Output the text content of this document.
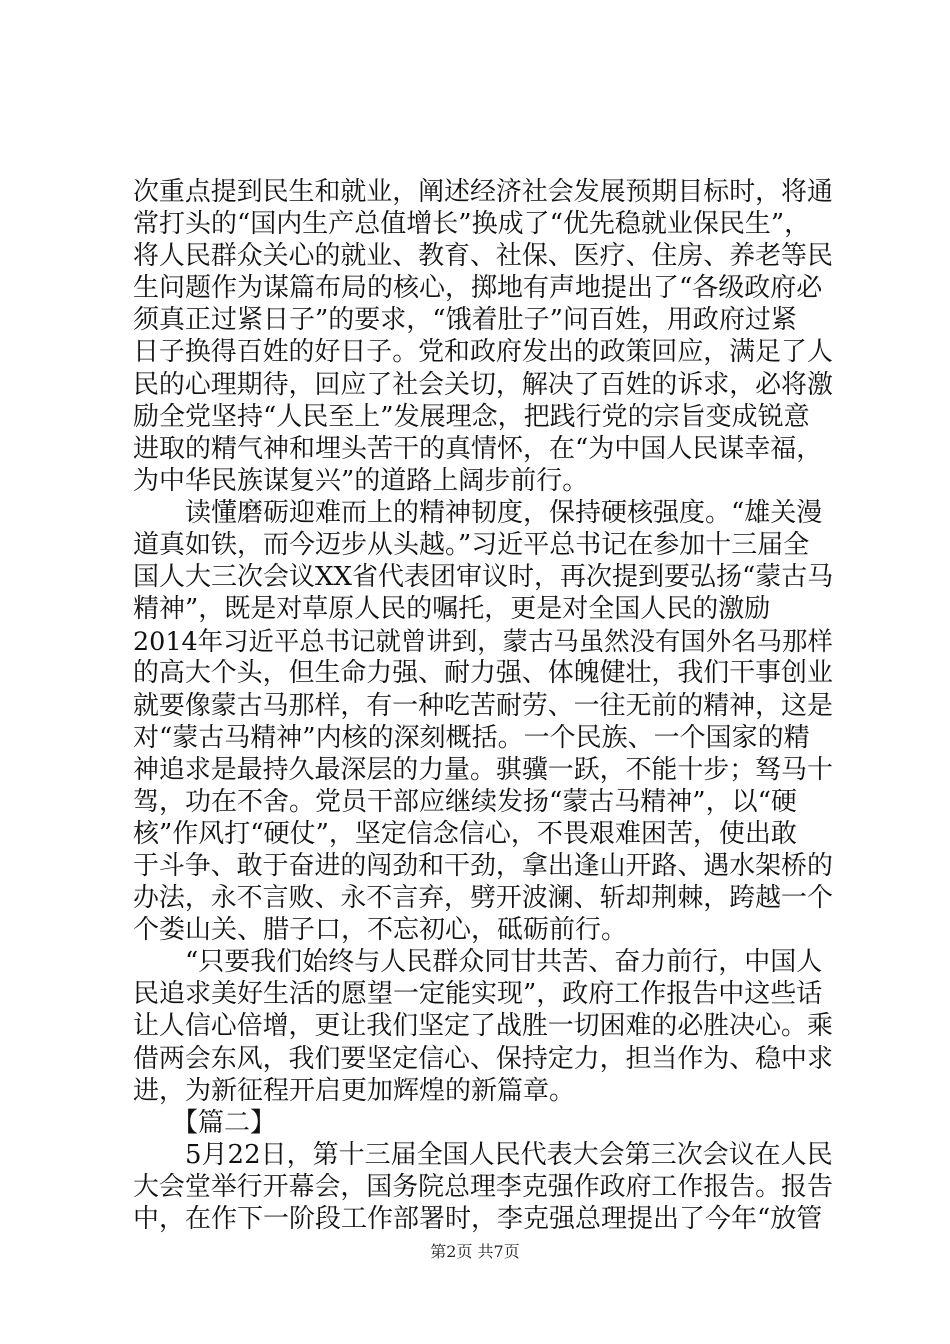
次重点提到民生和就业，阐述经济社会发展预期目标时，将通
常打头的“国内生产总值增长”换成了“优先稳就业保民生”，
将人民群众关心的就业、教育、社保、医疗、住房、养老等民
生问题作为谋篇布局的核心，掷地有声地提出了“各级政府必
须真正过紧日子”的要求，“饿着肚子”问百姓，用政府过紧
日子换得百姓的好日子。党和政府发出的政策回应，满足了人
民的心理期待，回应了社会关切，解决了百姓的诉求，必将激
励全党坚持“人民至上”发展理念，把践行党的宗旨变成锐意
进取的精气神和埋头苦干的真情怀，在“为中国人民谋幸福，
为中华民族谋复兴”的道路上阔步前行。
　　读懂磨砺迎难而上的精神韧度，保持硬核强度。“雄关漫
道真如铁，而今迈步从头越。”习近平总书记在参加十三届全
国人大三次会议XX省代表团审议时，再次提到要弘扬“蒙古马
精神”，既是对草原人民的嘱托，更是对全国人民的激励
2014年习近平总书记就曾讲到，蒙古马虽然没有国外名马那样
的高大个头，但生命力强、耐力强、体魄健壮，我们干事创业
就要像蒙古马那样，有一种吃苦耐劳、一往无前的精神，这是
对“蒙古马精神”内核的深刻概括。一个民族、一个国家的精
神追求是最持久最深层的力量。骐骥一跃，不能十步；驽马十
驾，功在不舍。党员干部应继续发扬“蒙古马精神”，以“硬
核”作风打“硬仗”，坚定信念信心，不畏艰难困苦，使出敢
于斗争、敢于奋进的闯劲和干劲，拿出逢山开路、遇水架桥的
办法，永不言败、永不言弃，劈开波澜、斩却荆棘，跨越一个
个娄山关、腊子口，不忘初心，砥砺前行。
　　“只要我们始终与人民群众同甘共苦、奋力前行，中国人
民追求美好生活的愿望一定能实现”，政府工作报告中这些话
让人信心倍增，更让我们坚定了战胜一切困难的必胜决心。乘
借两会东风，我们要坚定信心、保持定力，担当作为、稳中求
进，为新征程开启更加辉煌的新篇章。
　　【篇二】
　　5月22日，第十三届全国人民代表大会第三次会议在人民
大会堂举行开幕会，国务院总理李克强作政府工作报告。报告
中，在作下一阶段工作部署时，李克强总理提出了今年“放管
第2页 共7页
